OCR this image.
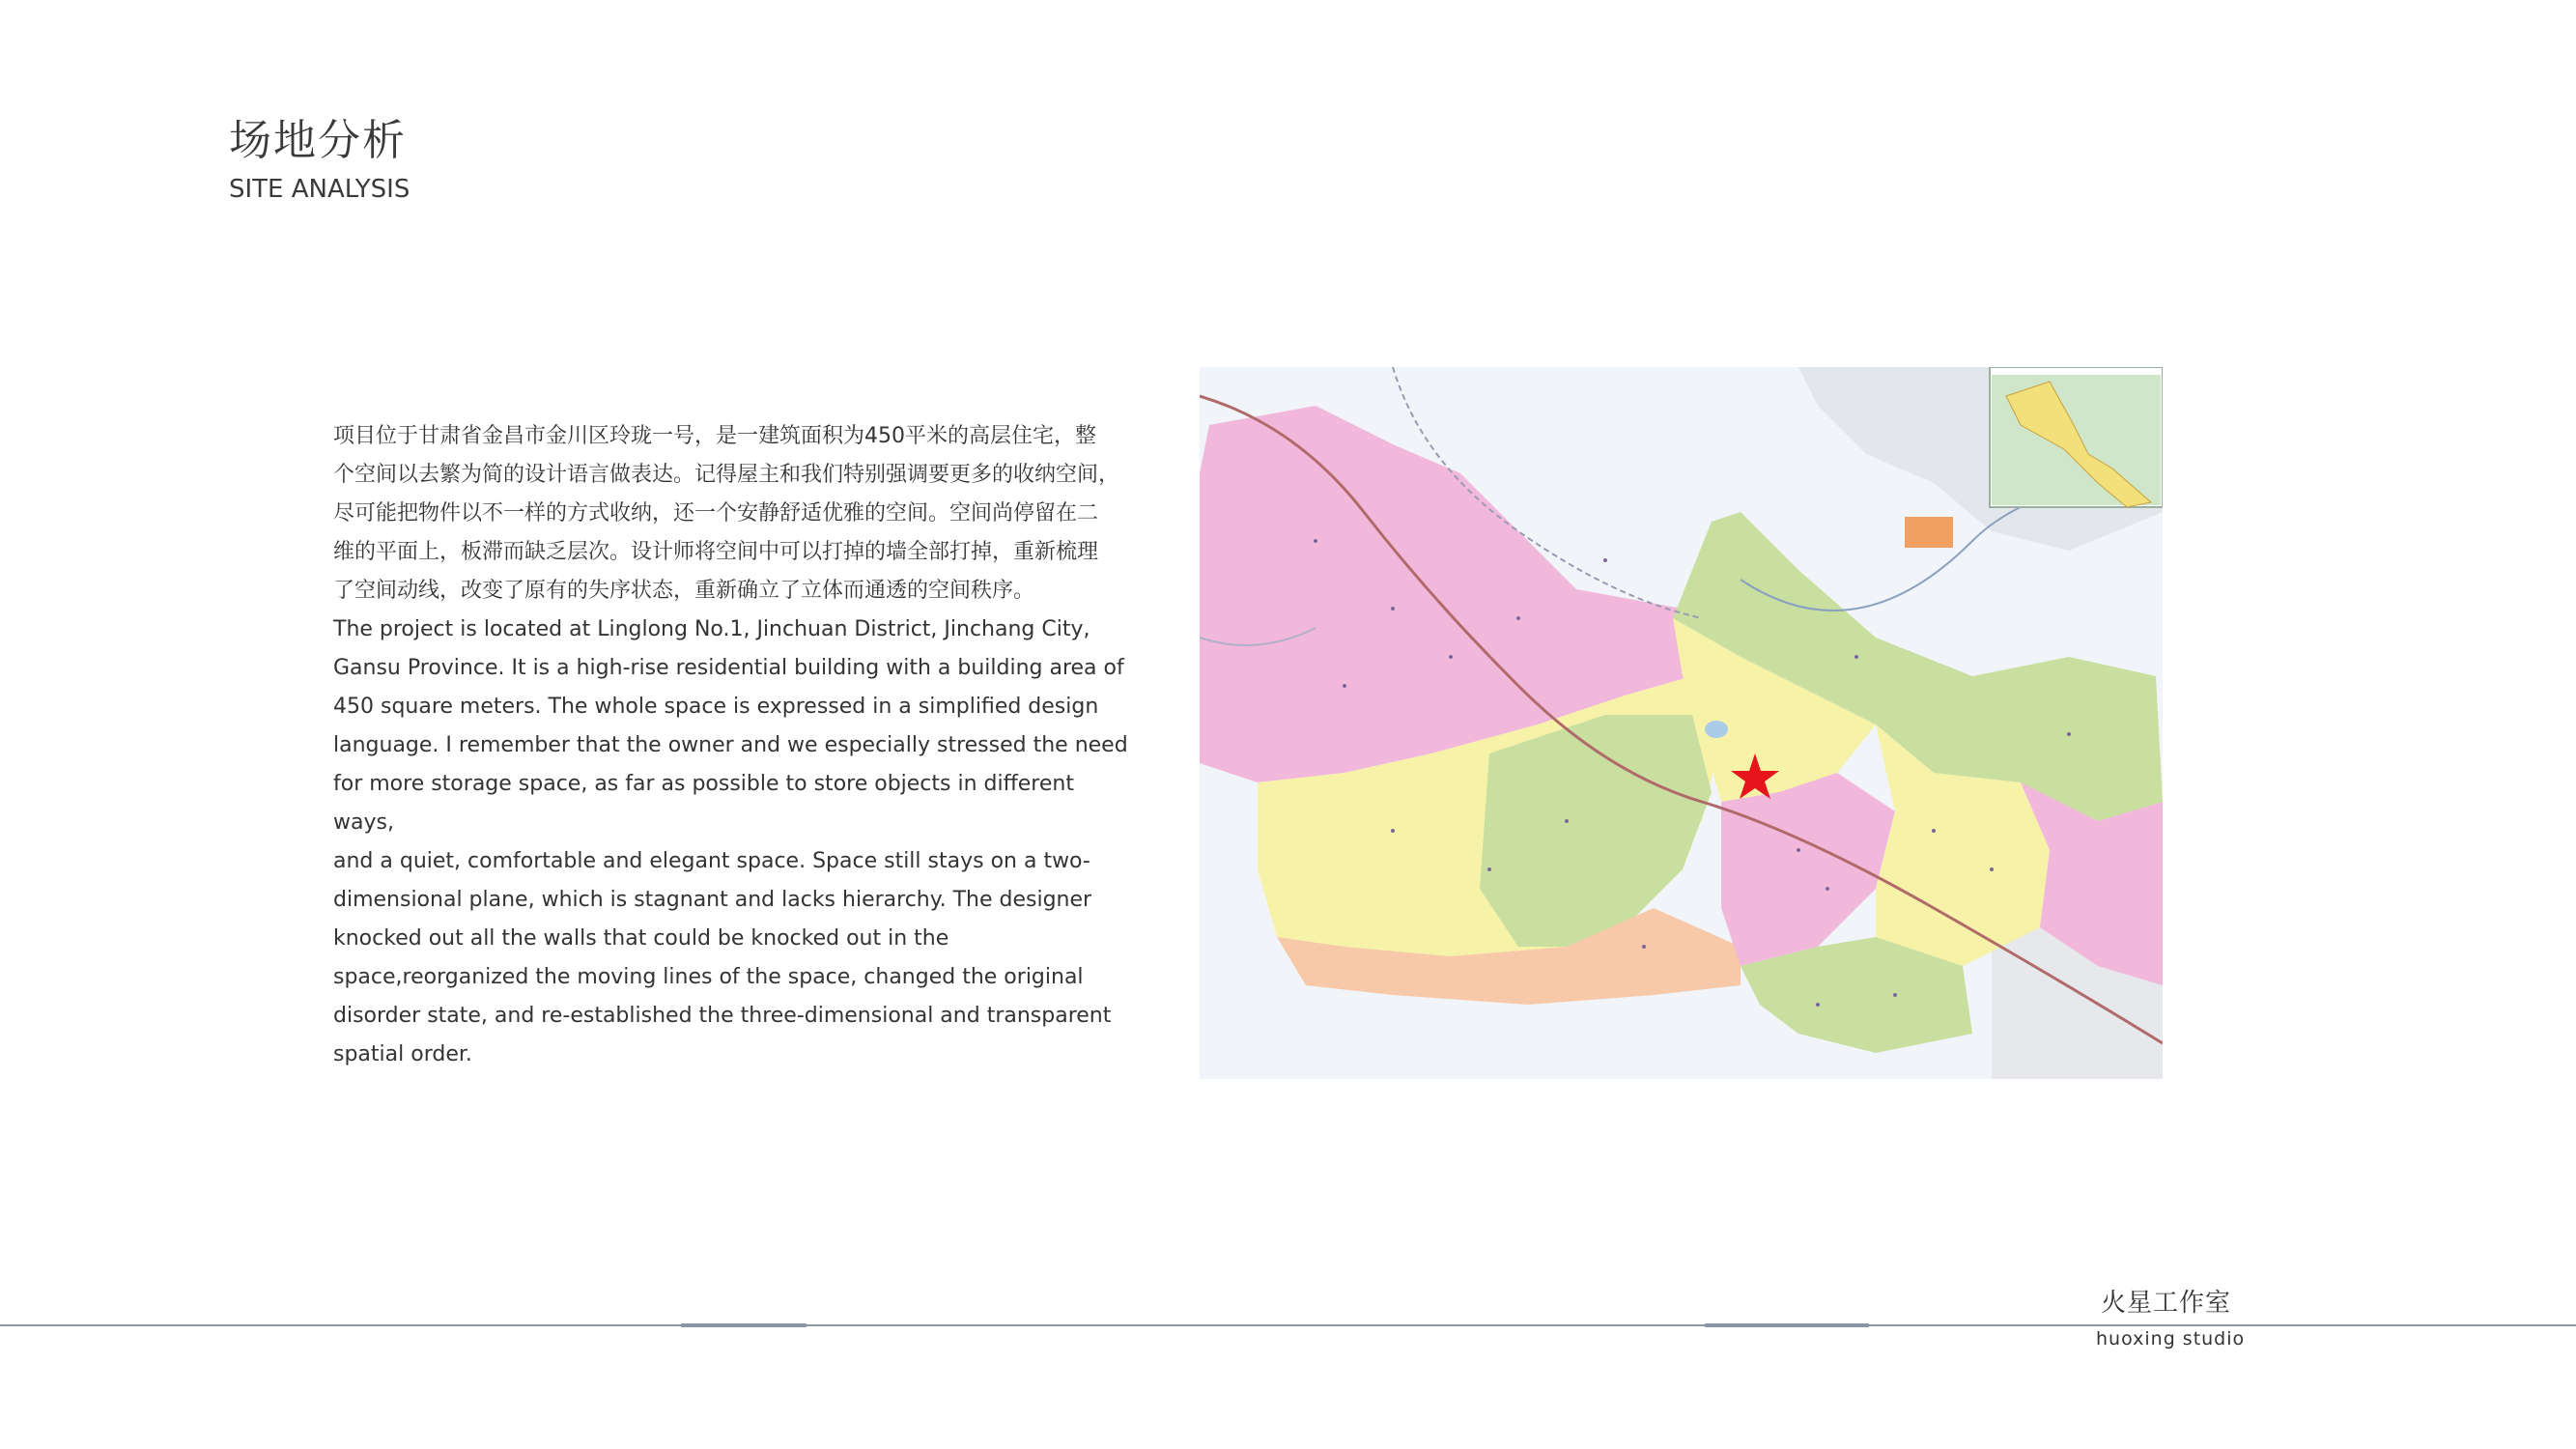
场地分析
SITE ANALYSIS

项目位于甘肃省金昌市金川区玲珑一号，是一建筑面积为450平米的高层住宅，整

个空间以去繁为简的设计语言做表达。记得屋主和我们特别强调要更多的收纳空间，

尽可能把物件以不一样的方式收纳，还一个安静舒适优雅的空间。空间尚停留在二

维的平面上，板滞而缺乏层次。设计师将空间中可以打掉的墙全部打掉，重新梳理

了空间动线，改变了原有的失序状态，重新确立了立体而通透的空间秩序。

The project is located at Linglong No.1, Jinchuan District, Jinchang City,

Gansu Province. It is a high-rise residential building with a building area of

450 square meters. The whole space is expressed in a simplified design

language. I remember that the owner and we especially stressed the need

for more storage space, as far as possible to store objects in different ways,

and a quiet, comfortable and elegant space. Space still stays on a two-

dimensional plane, which is stagnant and lacks hierarchy. The designer

knocked out all the walls that could be knocked out in the

space,reorganized the moving lines of the space, changed the original

disorder state, and re-established the three-dimensional and transparent

spatial order.

火星工作室
huoxing studio
